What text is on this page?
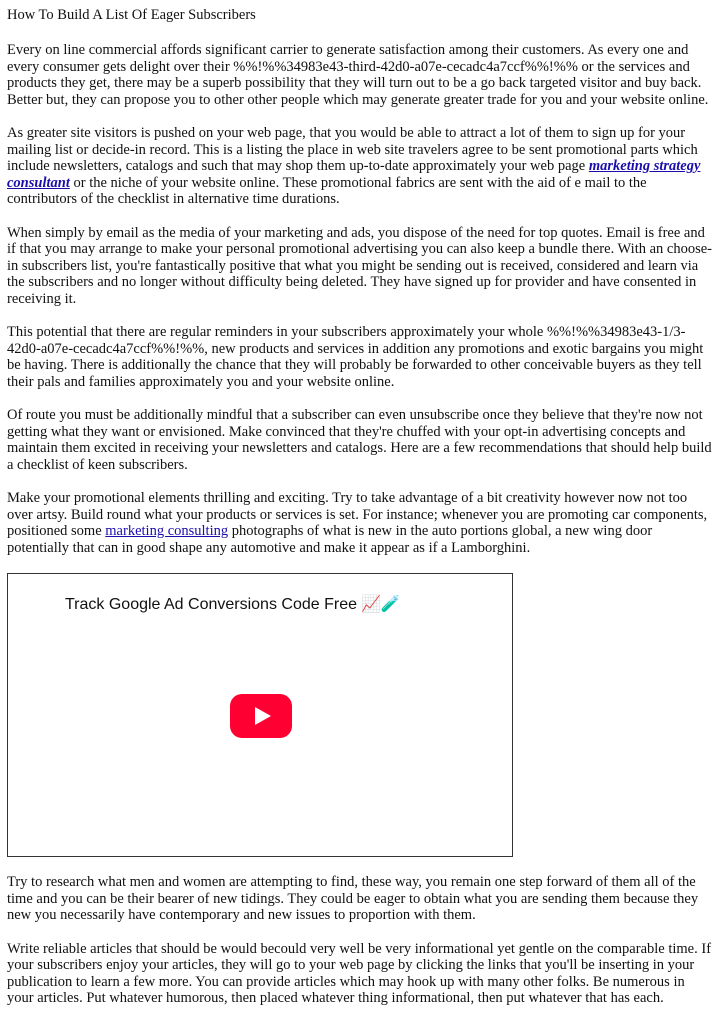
How To Build A List Of Eager Subscribers

Every on line commercial affords significant carrier to generate satisfaction among their customers. As every one and every consumer gets delight over their %%!%%34983e43-third-42d0-a07e-cecadc4a7ccf%%!%% or the services and products they get, there may be a superb possibility that they will turn out to be a go back targeted visitor and buy back. Better but, they can propose you to other other people which may generate greater trade for you and your website online.

As greater site visitors is pushed on your web page, that you would be able to attract a lot of them to sign up for your mailing list or decide-in record. This is a listing the place in web site travelers agree to be sent promotional parts which include newsletters, catalogs and such that may shop them up-to-date approximately your web page marketing strategy consultant or the niche of your website online. These promotional fabrics are sent with the aid of e mail to the contributors of the checklist in alternative time durations.

When simply by email as the media of your marketing and ads, you dispose of the need for top quotes. Email is free and if that you may arrange to make your personal promotional advertising you can also keep a bundle there. With an choose-in subscribers list, you're fantastically positive that what you might be sending out is received, considered and learn via the subscribers and no longer without difficulty being deleted. They have signed up for provider and have consented in receiving it.

This potential that there are regular reminders in your subscribers approximately your whole %%!%%34983e43-1/3-42d0-a07e-cecadc4a7ccf%%!%%, new products and services in addition any promotions and exotic bargains you might be having. There is additionally the chance that they will probably be forwarded to other conceivable buyers as they tell their pals and families approximately you and your website online.

Of route you must be additionally mindful that a subscriber can even unsubscribe once they believe that they're now not getting what they want or envisioned. Make convinced that they're chuffed with your opt-in advertising concepts and maintain them excited in receiving your newsletters and catalogs. Here are a few recommendations that should help build a checklist of keen subscribers.

Make your promotional elements thrilling and exciting. Try to take advantage of a bit creativity however now not too over artsy. Build round what your products or services is set. For instance; whenever you are promoting car components, positioned some marketing consulting photographs of what is new in the auto portions global, a new wing door potentially that can in good shape any automotive and make it appear as if a Lamborghini.

Track Google Ad Conversions Code Free 📈🧪

Try to research what men and women are attempting to find, these way, you remain one step forward of them all of the time and you can be their bearer of new tidings. They could be eager to obtain what you are sending them because they new you necessarily have contemporary and new issues to proportion with them.

Write reliable articles that should be would becould very well be very informational yet gentle on the comparable time. If your subscribers enjoy your articles, they will go to your web page by clicking the links that you'll be inserting in your publication to learn a few more. You can provide articles which may hook up with many other folks. Be numerous in your articles. Put whatever humorous, then placed whatever thing informational, then put whatever that has each.
